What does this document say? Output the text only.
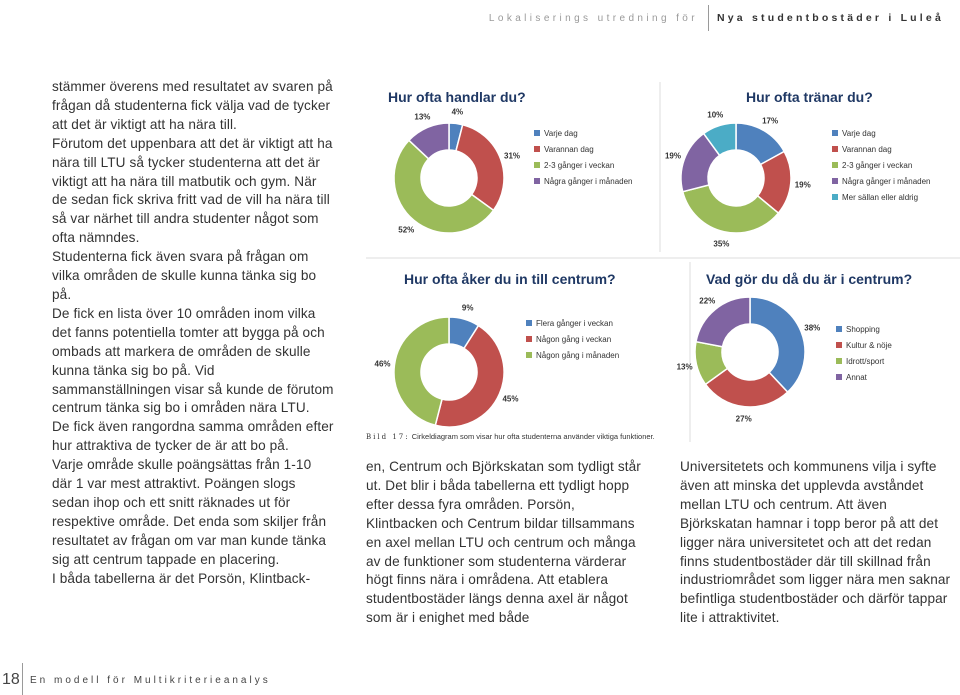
Lokaliserings utredning för Nya studentbostäder i Luleå

stämmer överens med resultatet av svaren på frågan då studenterna fick välja vad de tycker att det är viktigt att ha nära till.

Förutom det uppenbara att det är viktigt att ha nära till LTU så tycker studenterna att det är viktigt att ha nära till matbutik och gym. När de sedan fick skriva fritt vad de vill ha nära till så var närhet till andra studenter något som ofta nämndes.

Studenterna fick även svara på frågan om vilka områden de skulle kunna tänka sig bo på.

De fick en lista över 10 områden inom vilka det fanns potentiella tomter att bygga på och ombads att markera de områden de skulle kunna tänka sig bo på. Vid sammanställningen visar så kunde de förutom centrum tänka sig bo i områden nära LTU.

De fick även rangordna samma områden efter hur attraktiva de tycker de är att bo på.

Varje område skulle poängsättas från 1-10 där 1 var mest attraktivt. Poängen slogs sedan ihop och ett snitt räknades ut för respektive område. Det enda som skiljer från resultatet av frågan om var man kunde tänka sig att centrum tappade en placering.

I båda tabellerna är det Porsön, Klintback-

Hur ofta handlar du?
4%
31%
52%
13%
Varje dag
Varannan dag
2-3 gånger i veckan
Några gånger i månaden
Hur ofta tränar du?
17%
19%
35%
19%
10%
Varje dag
Varannan dag
2-3 gånger i veckan
Några gånger i månaden
Mer sällan eller aldrig
Hur ofta åker du in till centrum?
9%
45%
46%
Flera gånger i veckan
Någon gång i veckan
Någon gång i månaden
Vad gör du då du är i centrum?
38%
27%
13%
22%
Shopping
Kultur & nöje
Idrott/sport
Annat
Bild 17: Cirkeldiagram som visar hur ofta studenterna använder viktiga funktioner.

en, Centrum och Björkskatan som tydligt står ut. Det blir i båda tabellerna ett tydligt hopp efter dessa fyra områden. Porsön, Klintbacken och Centrum bildar tillsammans en axel mellan LTU och centrum och många av de funktioner som studenterna värderar högt finns nära i områdena. Att etablera studentbostäder längs denna axel är något som är i enighet med både

Universitetets och kommunens vilja i syfte även att minska det upplevda avståndet mellan LTU och centrum. Att även Björkskatan hamnar i topp beror på att det ligger nära universitetet och att det redan finns studentbostäder där till skillnad från industriområdet som ligger nära men saknar befintliga studentbostäder och därför tappar lite i attraktivitet.

18 En modell för Multikriterieanalys
